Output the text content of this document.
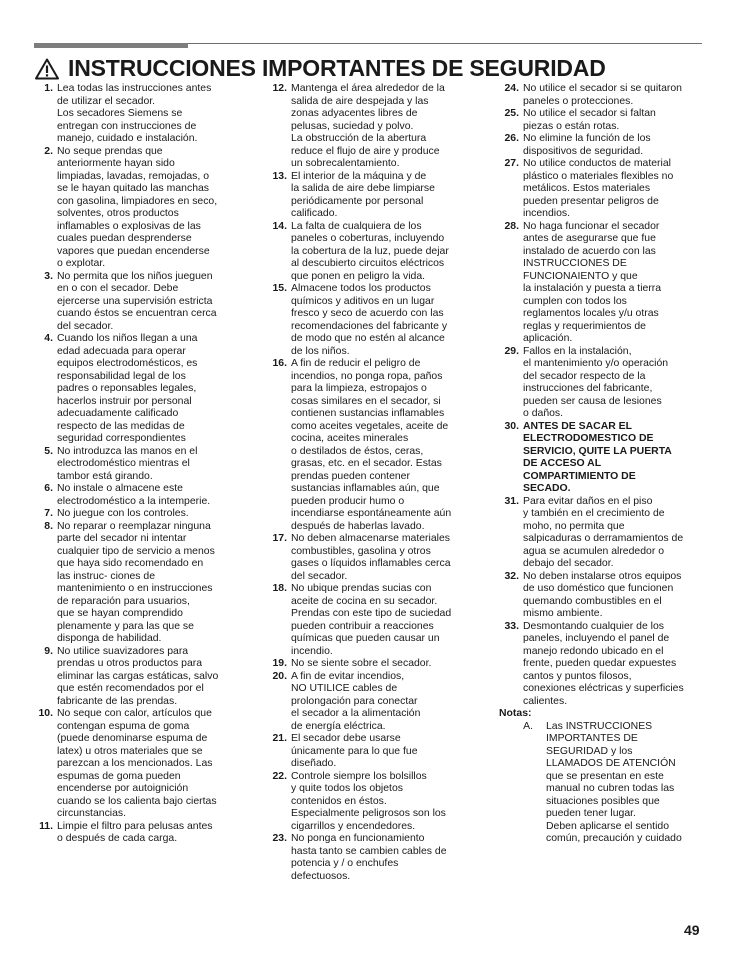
INSTRUCCIONES IMPORTANTES DE SEGURIDAD
1. Lea todas las instrucciones antes
de utilizar el secador.
Los secadores Siemens se
entregan con instrucciones de
manejo, cuidado e instalación.
2. No seque prendas que
anteriormente hayan sido
limpiadas, lavadas, remojadas, o
se le hayan quitado las manchas
con gasolina, limpiadores en seco,
solventes, otros productos
inflamables o explosivas de las
cuales puedan desprenderse
vapores que puedan encenderse
o explotar.
3. No permita que los niños jueguen
en o con el secador. Debe
ejercerse una supervisión estricta
cuando éstos se encuentran cerca
del secador.
4. Cuando los niños llegan a una
edad adecuada para operar
equipos electrodomésticos, es
responsabilidad legal de los
padres o reponsables legales,
hacerlos instruir por personal
adecuadamente calificado
respecto de las medidas de
seguridad correspondientes
5. No introduzca las manos en el
electrodoméstico mientras el
tambor está girando.
6. No instale o almacene este
electrodoméstico a la intemperie.
7. No juegue con los controles.
8. No reparar o reemplazar ninguna
parte del secador ni intentar
cualquier tipo de servicio a menos
que haya sido recomendado en
las instruc- ciones de
mantenimiento o en instrucciones
de reparación para usuarios,
que se hayan comprendido
plenamente y para las que se
disponga de habilidad.
9. No utilice suavizadores para
prendas u otros productos para
eliminar las cargas estáticas, salvo
que estén recomendados por el
fabricante de las prendas.
10. No seque con calor, artículos que
contengan espuma de goma
(puede denominarse espuma de
latex) u otros materiales que se
parezcan a los mencionados. Las
espumas de goma pueden
encenderse por autoignición
cuando se los calienta bajo ciertas
circunstancias.
11. Limpie el filtro para pelusas antes
o después de cada carga.
12. Mantenga el área alrededor de la
salida de aire despejada y las
zonas adyacentes libres de
pelusas, suciedad y polvo.
La obstrucción de la abertura
reduce el flujo de aire y produce
un sobrecalentamiento.
13. El interior de la máquina y de
la salida de aire debe limpiarse
periódicamente por personal
calificado.
14. La falta de cualquiera de los
paneles o coberturas, incluyendo
la cobertura de la luz, puede dejar
al descubierto circuitos eléctricos
que ponen en peligro la vida.
15. Almacene todos los productos
químicos y aditivos en un lugar
fresco y seco de acuerdo con las
recomendaciones del fabricante y
de modo que no estén al alcance
de los niños.
16. A fin de reducir el peligro de
incendios, no ponga ropa, paños
para la limpieza, estropajos o
cosas similares en el secador, si
contienen sustancias inflamables
como aceites vegetales, aceite de
cocina, aceites minerales
o destilados de éstos, ceras,
grasas, etc. en el secador. Estas
prendas pueden contener
sustancias inflamables aún, que
pueden producir humo o
incendiarse espontáneamente aún
después de haberlas lavado.
17. No deben almacenarse materiales
combustibles, gasolina y otros
gases o líquidos inflamables cerca
del secador.
18. No ubique prendas sucias con
aceite de cocina en su secador.
Prendas con este tipo de suciedad
pueden contribuir a reacciones
químicas que pueden causar un
incendio.
19. No se siente sobre el secador.
20. A fin de evitar incendios,
NO UTILICE cables de
prolongación para conectar
el secador a la alimentación
de energía eléctrica.
21. El secador debe usarse
únicamente para lo que fue
diseñado.
22. Controle siempre los bolsillos
y quite todos los objetos
contenidos en éstos.
Especialmente peligrosos son los
cigarrillos y encendedores.
23. No ponga en funcionamiento
hasta tanto se cambien cables de
potencia y / o enchufes
defectuosos.
24. No utilice el secador si se quitaron
paneles o protecciones.
25. No utilice el secador si faltan
piezas o están rotas.
26. No elimine la función de los
dispositivos de seguridad.
27. No utilice conductos de material
plástico o materiales flexibles no
metálicos. Estos materiales
pueden presentar peligros de
incendios.
28. No haga funcionar el secador
antes de asegurarse que fue
instalado de acuerdo con las
INSTRUCCIONES DE
FUNCIONAIENTO y que
la instalación y puesta a tierra
cumplen con todos los
reglamentos locales y/u otras
reglas y requerimientos de
aplicación.
29. Fallos en la instalación,
el mantenimiento y/o operación
del secador respecto de la
instrucciones del fabricante,
pueden ser causa de lesiones
o daños.
30. ANTES DE SACAR EL
ELECTRODOMESTICO DE
SERVICIO, QUITE LA PUERTA
DE ACCESO AL
COMPARTIMIENTO DE
SECADO.
31. Para evitar daños en el piso
y también en el crecimiento de
moho, no permita que
salpicaduras o derramamientos de
agua se acumulen alrededor o
debajo del secador.
32. No deben instalarse otros equipos
de uso doméstico que funcionen
quemando combustibles en el
mismo ambiente.
33. Desmontando cualquier de los
paneles, incluyendo el panel de
manejo redondo ubicado en el
frente, pueden quedar expuestes
cantos y puntos filosos,
conexiones eléctricas y superficies
calientes.
Notas:
A.	Las INSTRUCCIONES
IMPORTANTES DE
SEGURIDAD y los
LLAMADOS DE ATENCIÓN
que se presentan en este
manual no cubren todas las
situaciones posibles que
pueden tener lugar.
Deben aplicarse el sentido
común, precaución y cuidado
49
